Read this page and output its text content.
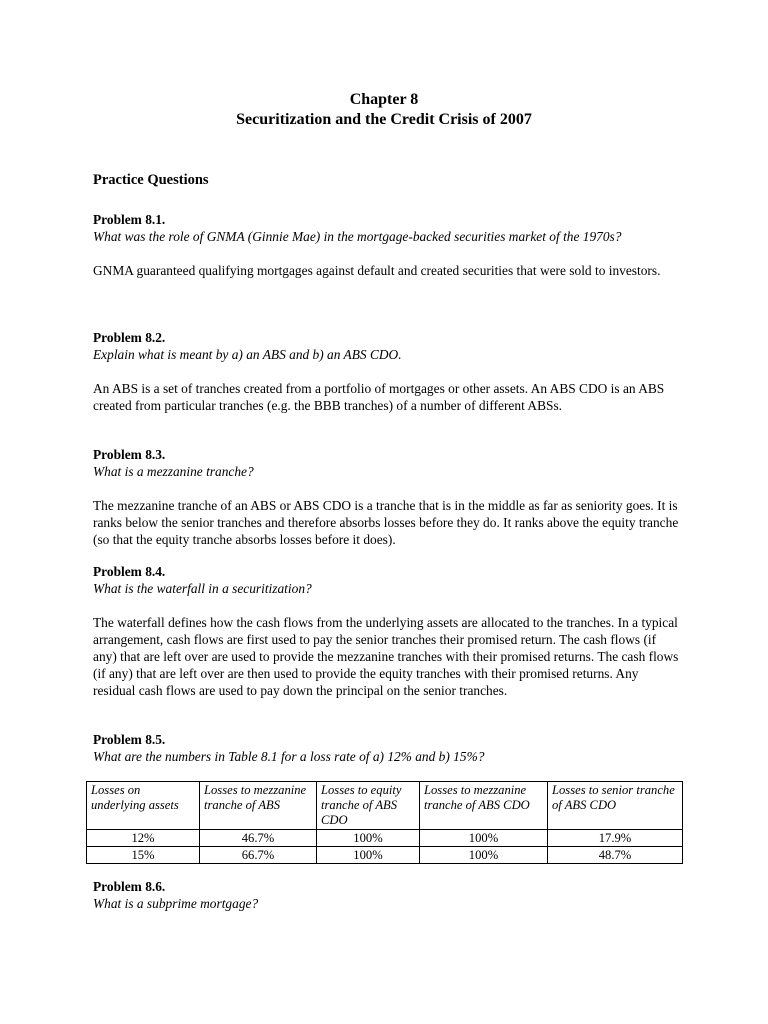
Chapter 8
Securitization and the Credit Crisis of 2007
Practice Questions

Problem 8.1.

What was the role of GNMA (Ginnie Mae) in the mortgage-backed securities market of the 1970s?

GNMA guaranteed qualifying mortgages against default and created securities that were sold to investors.

Problem 8.2.

Explain what is meant by a) an ABS and b) an ABS CDO.

An ABS is a set of tranches created from a portfolio of mortgages or other assets. An ABS CDO is an ABS created from particular tranches (e.g. the BBB tranches) of a number of different ABSs.

Problem 8.3.

What is a mezzanine tranche?

The mezzanine tranche of an ABS or ABS CDO is a tranche that is in the middle as far as seniority goes. It is ranks below the senior tranches and therefore absorbs losses before they do. It ranks above the equity tranche (so that the equity tranche absorbs losses before it does).

Problem 8.4.

What is the waterfall in a securitization?

The waterfall defines how the cash flows from the underlying assets are allocated to the tranches. In a typical arrangement, cash flows are first used to pay the senior tranches their promised return. The cash flows (if any) that are left over are used to provide the mezzanine tranches with their promised returns. The cash flows (if any) that are left over are then used to provide the equity tranches with their promised returns. Any residual cash flows are used to pay down the principal on the senior tranches.

Problem 8.5.

What are the numbers in Table 8.1 for a loss rate of a) 12% and b) 15%?

Losses on underlying assets	Losses to mezzanine tranche of ABS	Losses to equity tranche of ABS CDO	Losses to mezzanine tranche of ABS CDO	Losses to senior tranche of ABS CDO
12%	46.7%	100%	100%	17.9%
15%	66.7%	100%	100%	48.7%

Problem 8.6.

What is a subprime mortgage?
